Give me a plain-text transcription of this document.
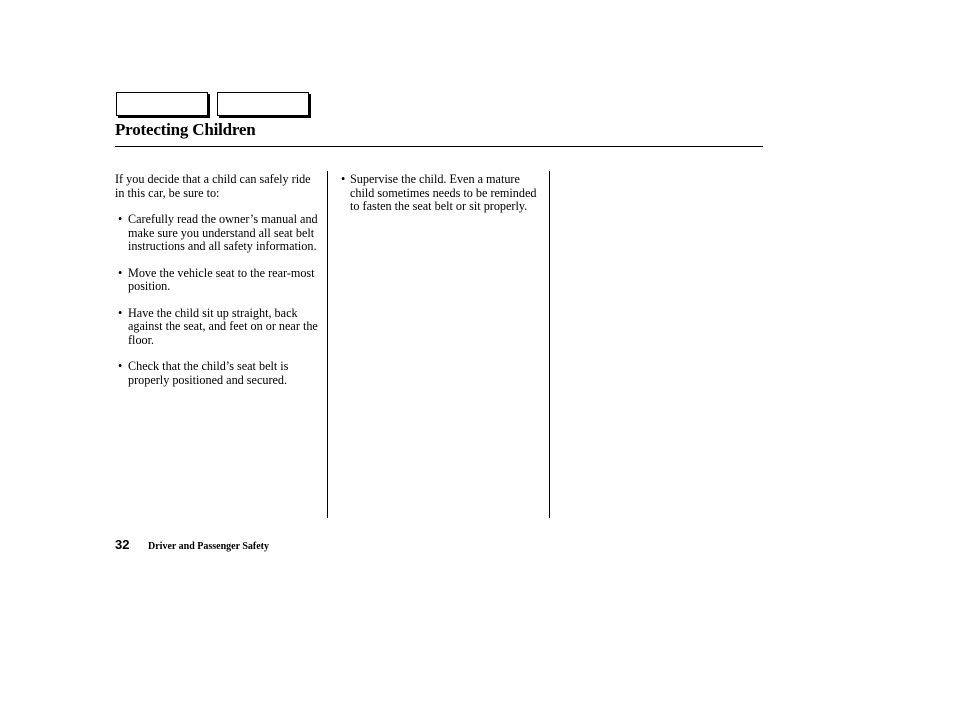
Protecting Children

If you decide that a child can safely ride in this car, be sure to:

• Carefully read the owner’s manual and make sure you understand all seat belt instructions and all safety information.
• Move the vehicle seat to the rear-most position.
• Have the child sit up straight, back against the seat, and feet on or near the floor.
• Check that the child’s seat belt is properly positioned and secured.
• Supervise the child. Even a mature child sometimes needs to be reminded to fasten the seat belt or sit properly.
32 Driver and Passenger Safety
